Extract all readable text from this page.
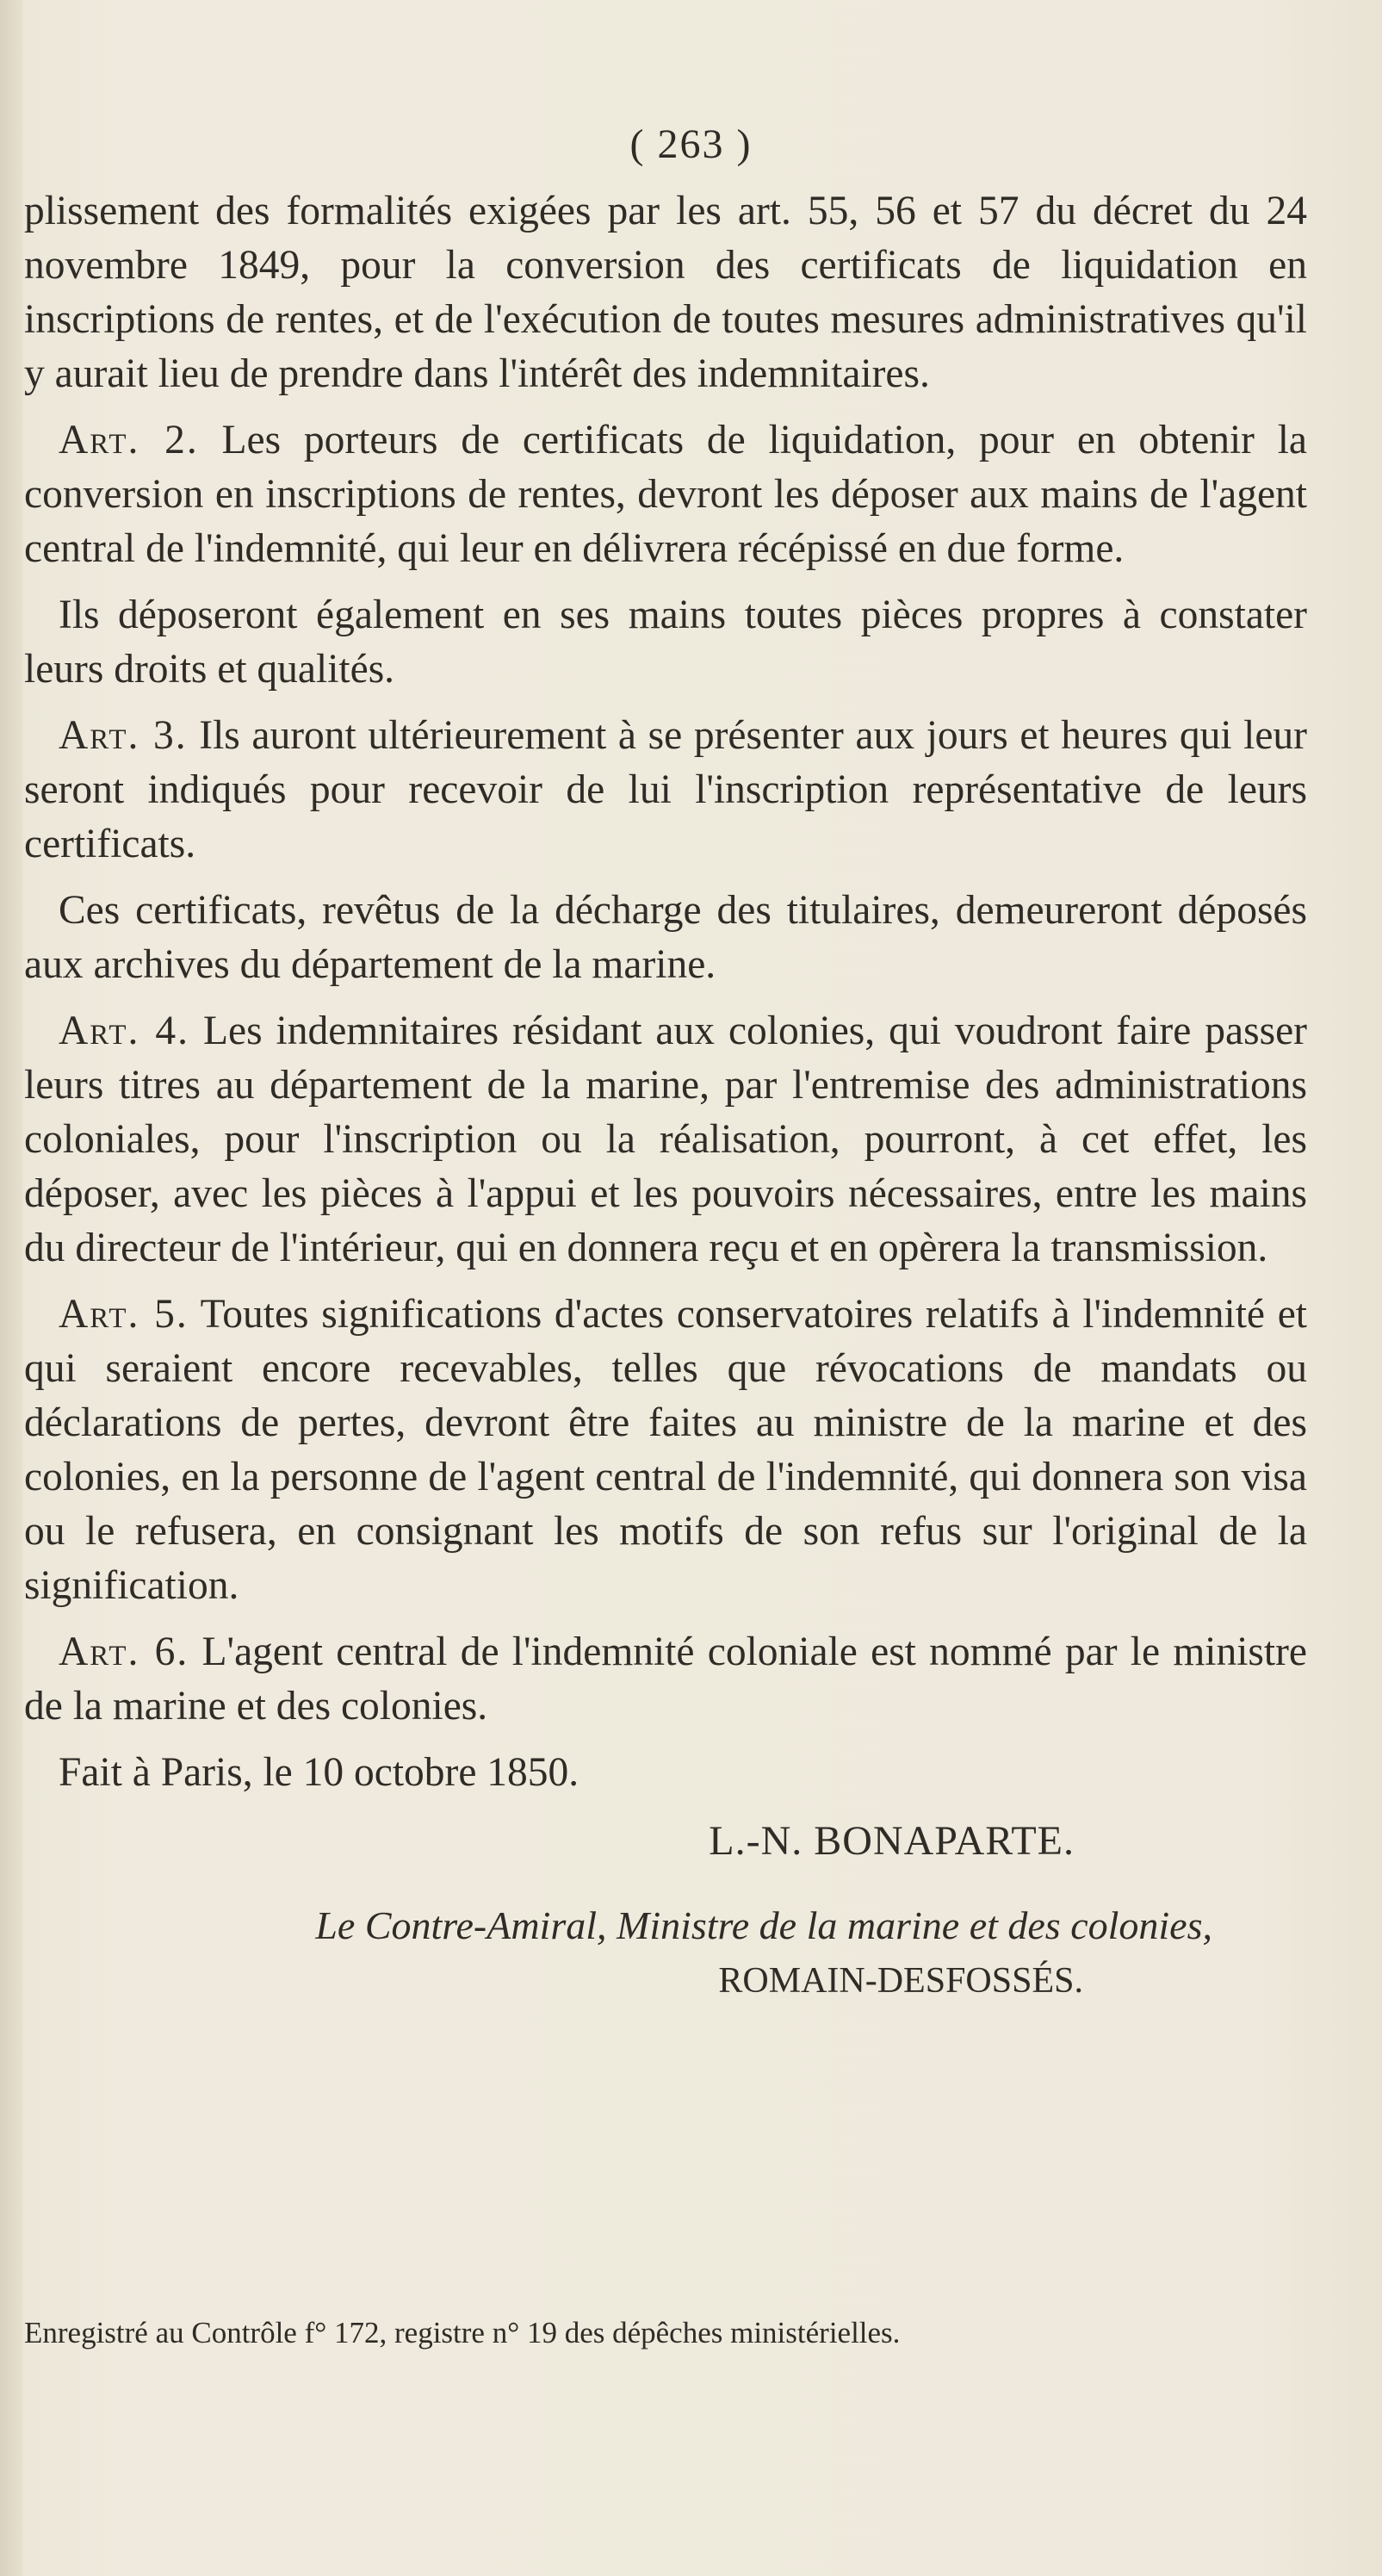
( 263 )

plissement des formalités exigées par les art. 55, 56 et 57 du décret du 24 novembre 1849, pour la conversion des certificats de liquidation en inscriptions de rentes, et de l'exécution de toutes mesures administratives qu'il y aurait lieu de prendre dans l'intérêt des indemnitaires.

Art. 2. Les porteurs de certificats de liquidation, pour en obtenir la conversion en inscriptions de rentes, devront les déposer aux mains de l'agent central de l'indemnité, qui leur en délivrera récépissé en due forme.

Ils déposeront également en ses mains toutes pièces propres à constater leurs droits et qualités.

Art. 3. Ils auront ultérieurement à se présenter aux jours et heures qui leur seront indiqués pour recevoir de lui l'inscription représentative de leurs certificats.

Ces certificats, revêtus de la décharge des titulaires, demeureront déposés aux archives du département de la marine.

Art. 4. Les indemnitaires résidant aux colonies, qui voudront faire passer leurs titres au département de la marine, par l'entremise des administrations coloniales, pour l'inscription ou la réalisation, pourront, à cet effet, les déposer, avec les pièces à l'appui et les pouvoirs nécessaires, entre les mains du directeur de l'intérieur, qui en donnera reçu et en opèrera la transmission.

Art. 5. Toutes significations d'actes conservatoires relatifs à l'indemnité et qui seraient encore recevables, telles que révocations de mandats ou déclarations de pertes, devront être faites au ministre de la marine et des colonies, en la personne de l'agent central de l'indemnité, qui donnera son visa ou le refusera, en consignant les motifs de son refus sur l'original de la signification.

Art. 6. L'agent central de l'indemnité coloniale est nommé par le ministre de la marine et des colonies.

Fait à Paris, le 10 octobre 1850.

L.-N. BONAPARTE.
Le Contre-Amiral, Ministre de la marine et des colonies,
ROMAIN-DESFOSSÉS.
Enregistré au Contrôle f° 172, registre n° 19 des dépêches ministérielles.
